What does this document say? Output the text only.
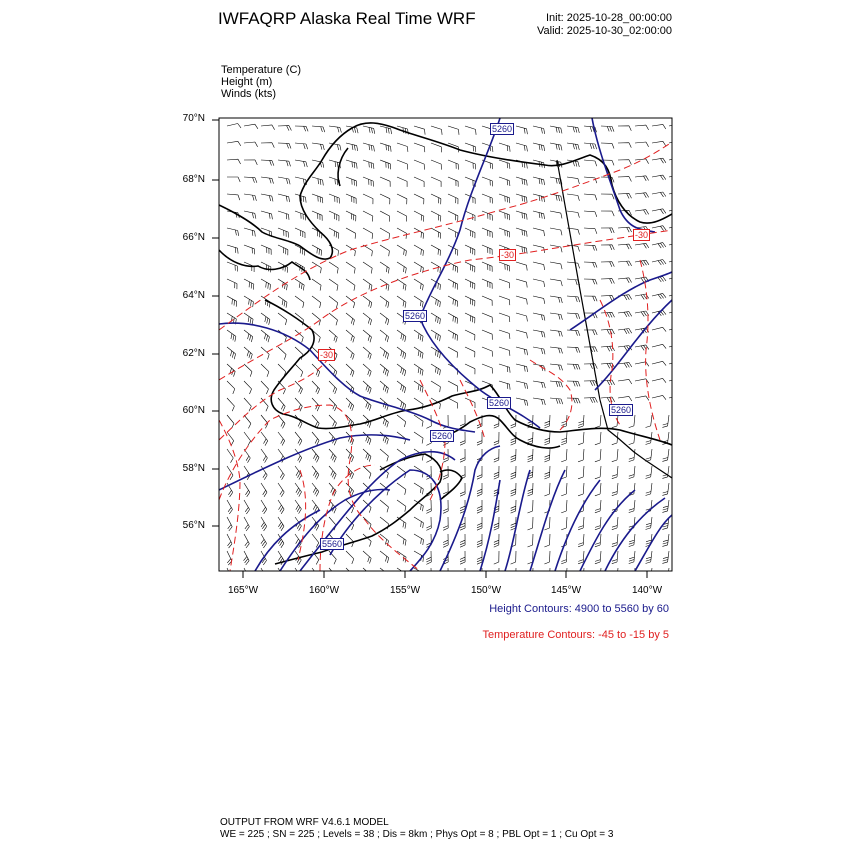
IWFAQRP Alaska Real Time WRF	Init: 2025-10-28_00:00:00
Valid: 2025-10-30_02:00:00
Temperature (C)
Height (m)
Winds (kts)
70°N
68°N
66°N
64°N
62°N
60°N
58°N
56°N
165°W	160°W	155°W	150°W	145°W	140°W
5260
5260
5260
5260
5260
5560
-30
-30
-30
Height Contours: 4900 to 5560 by 60
Temperature Contours: -45 to -15 by 5
OUTPUT FROM WRF V4.6.1 MODEL
WE = 225 ; SN = 225 ; Levels = 38 ; Dis = 8km ; Phys Opt = 8 ; PBL Opt = 1 ; Cu Opt = 3
